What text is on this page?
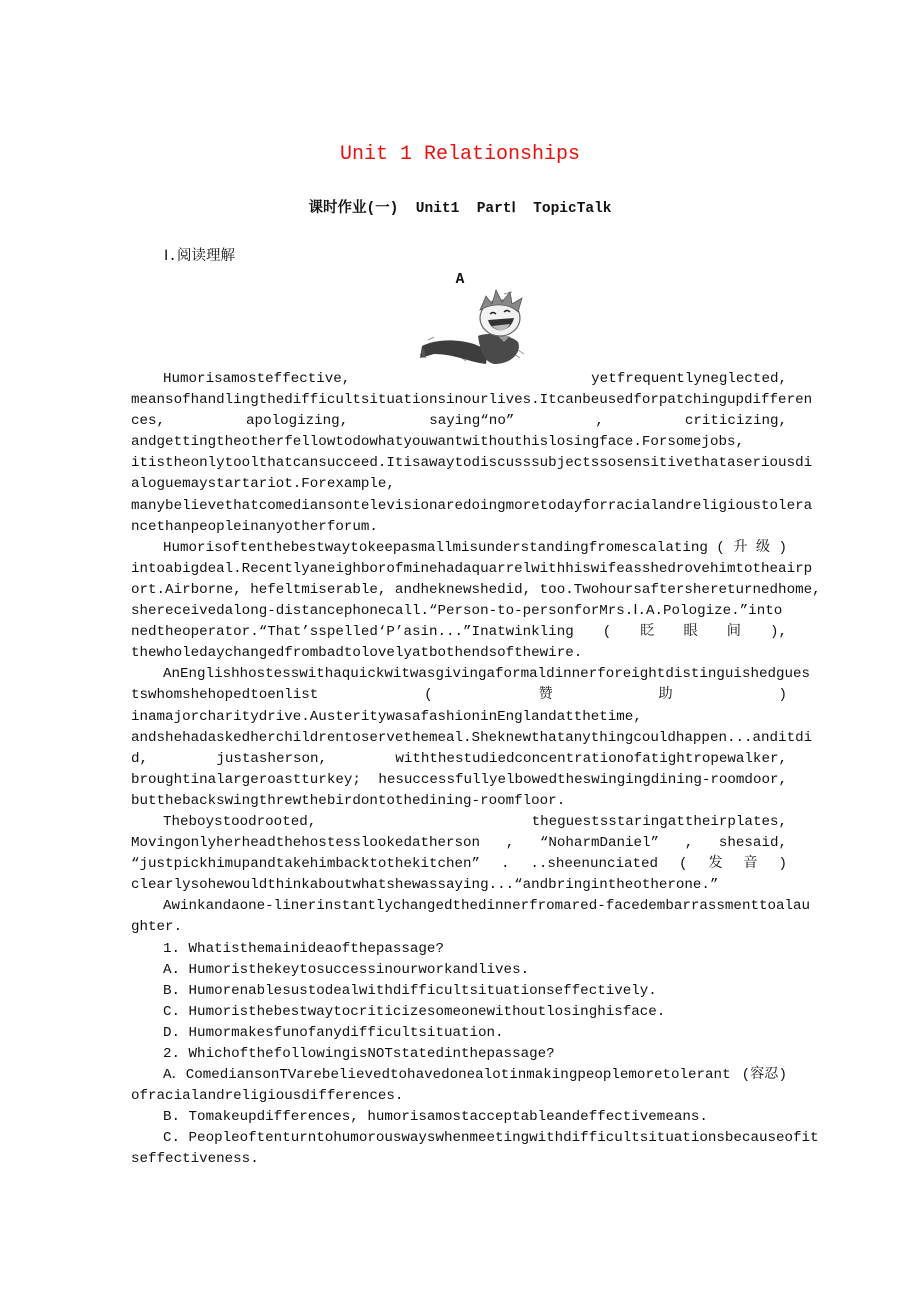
Unit 1 Relationships
课时作业(一)  Unit1  PartⅠ  TopicTalk
Ⅰ.阅读理解
A
Humorisamosteffective,	yetfrequentlyneglected,
meansofhandlingthedifficultsituationsinourlives.Itcanbeusedforpatchingupdifferen
ces,	apologizing,	saying“no”	,	criticizing,
andgettingtheotherfellowtodowhatyouwantwithouthislosingface.Forsomejobs,
itistheonlytoolthatcansucceed.Itisawaytodiscusssubjectssosensitivethataseriousdi
aloguemaystartariot.Forexample,
manybelievethatcomediansontelevisionaredoingmoretodayforracialandreligioustolera
ncethanpeopleinanyotherforum.
Humorisoftenthebestwaytokeepasmallmisunderstandingfromescalating ( 升 级 )
intoabigdeal.Recentlyaneighborofminehadaquarrelwithhiswifeasshedrovehimtotheairp
ort.Airborne, hefeltmiserable, andheknewshedid, too.Twohoursaftershereturnedhome,
shereceivedalong-distancephonecall.“Person-to-personforMrs.Ⅰ.A.Pologize.”into
nedtheoperator.“That’sspelled‘P’asin...”Inatwinkling ( 眨 眼 间 ),
thewholedaychangedfrombadtolovelyatbothendsofthewire.
AnEnglishhostesswithaquickwitwasgivingaformaldinnerforeightdistinguishedgues
tswhomshehopedtoenlist	(	赞	助	)
inamajorcharitydrive.AusteritywasafashioninEnglandatthetime,
andshehadaskedherchildrentoservethemeal.Sheknewthatanythingcouldhappen...anditdi
d,	justasherson,	withthestudiedconcentrationofatightropewalker,
broughtinalargeroastturkey; hesuccessfullyelbowedtheswingingdining-roomdoor,
butthebackswingthrewthebirdontothedining-roomfloor.
Theboystoodrooted,	theguestsstaringattheirplates,
Movingonlyherheadthehostesslookedatherson , “NoharmDaniel” , shesaid,
“justpickhimupandtakehimbacktothekitchen” . ..sheenunciated ( 发 音 )
clearlysohewouldthinkaboutwhatshewassaying...“andbringintheotherone.”
Awinkandaone-linerinstantlychangedthedinnerfromared-facedembarrassmenttoalau
ghter.
1. Whatisthemainideaofthepassage?
A. Humoristhekeytosuccessinourworkandlives.
B. Humorenablesustodealwithdifficultsituationseffectively.
C. Humoristhebestwaytocriticizesomeonewithoutlosinghisface.
D. Humormakesfunofanydifficultsituation.
2. WhichofthefollowingisNOTstatedinthepassage?
A．ComediansonTVarebelievedtohavedonealotinmakingpeoplemoretolerant (容忍)
ofracialandreligiousdifferences.
B. Tomakeupdifferences, humorisamostacceptableandeffectivemeans.
C. Peopleoftenturntohumorouswayswhenmeetingwithdifficultsituationsbecauseofit
seffectiveness.
